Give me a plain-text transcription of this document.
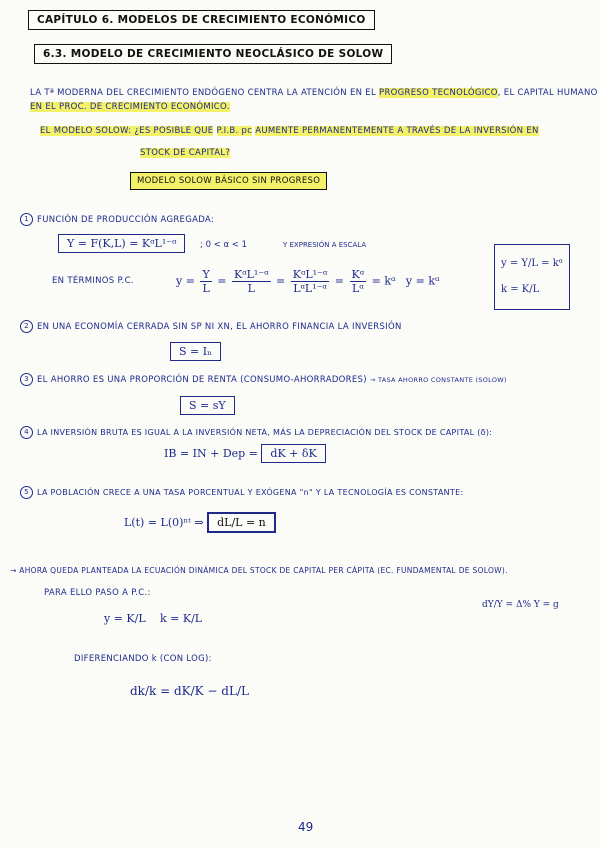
CAPÍTULO 6. MODELOS DE CRECIMIENTO ECONÓMICO
6.3. MODELO DE CRECIMIENTO NEOCLÁSICO DE SOLOW
LA Tª MODERNA DEL CRECIMIENTO ENDÓGENO CENTRA LA ATENCIÓN EN EL PROGRESO TECNOLÓGICO, EL CAPITAL HUMANO
EN EL PROC. DE CRECIMIENTO ECONÓMICO.
EL MODELO SOLOW: ¿ES POSIBLE QUE P.I.B. pc AUMENTE PERMANENTEMENTE A TRAVÉS DE LA INVERSIÓN EN
STOCK DE CAPITAL?
MODELO SOLOW BÁSICO SIN PROGRESO
1 FUNCIÓN DE PRODUCCIÓN AGREGADA:
Y = F(K,L) = KᵅL¹⁻ᵅ	; 0 < α < 1	Y EXPRESIÓN A ESCALA
EN TÉRMINOS P.C.	$y = \frac{Y}{L} = \frac{\text{KᵅL¹⁻ᵅ}}{L} = \frac{\text{KᵅL¹⁻ᵅ}}{\text{LᵅL¹⁻ᵅ}} = \frac{\text{Kᵅ}}{\text{Lᵅ}}$ = kᵅ y = kᵅ
y = Y/L = kᵅ
k = K/L
2 EN UNA ECONOMÍA CERRADA SIN SP NI XN, EL AHORRO FINANCIA LA INVERSIÓN
S = Iₙ
3 EL AHORRO ES UNA PROPORCIÓN DE RENTA (CONSUMO-AHORRADORES) → TASA AHORRO CONSTANTE (SOLOW)
S = sY
4 LA INVERSIÓN BRUTA ES IGUAL A LA INVERSIÓN NETA, MÁS LA DEPRECIACIÓN DEL STOCK DE CAPITAL (δ):
IB = IN + Dep = dK + δK
5 LA POBLACIÓN CRECE A UNA TASA PORCENTUAL Y EXÓGENA "n" Y LA TECNOLOGÍA ES CONSTANTE:
L(t) = L(0)ⁿᵗ ⇒ dL/L = n
→ AHORA QUEDA PLANTEADA LA ECUACIÓN DINÁMICA DEL STOCK DE CAPITAL PER CÁPITA (EC. FUNDAMENTAL DE SOLOW).
PARA ELLO PASO A P.C.:
y = K/L k = K/L
dY/Y = Δ% Y = g
DIFERENCIANDO k (CON LOG):
dk/k = dK/K − dL/L
49
